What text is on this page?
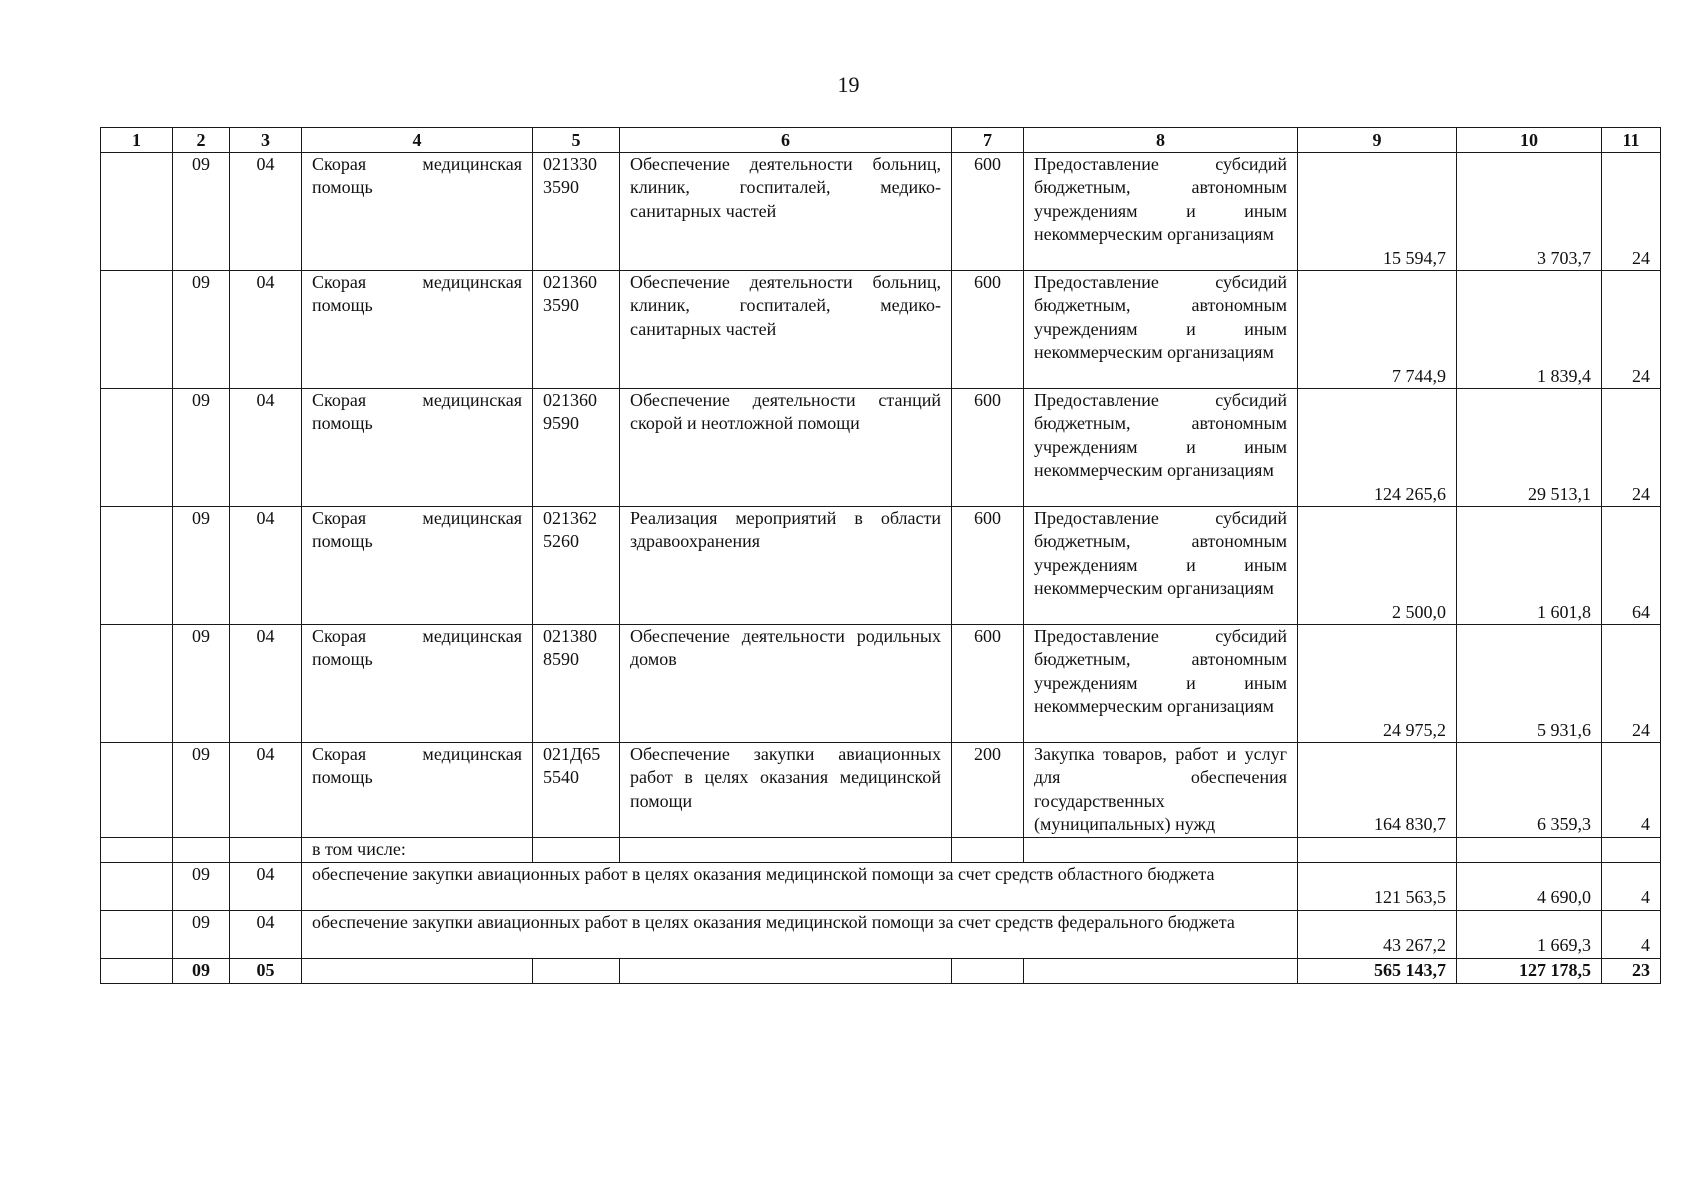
19
1	2	3	4	5	6	7	8	9	10	11
	09	04	Скорая медицинская помощь	021330 3590	Обеспечение деятельности больниц, клиник, госпиталей, медико-санитарных частей	600	Предоставление субсидий бюджетным, автономным учреждениям и иным некоммерческим организациям	15 594,7	3 703,7	24
	09	04	Скорая медицинская помощь	021360 3590	Обеспечение деятельности больниц, клиник, госпиталей, медико-санитарных частей	600	Предоставление субсидий бюджетным, автономным учреждениям и иным некоммерческим организациям	7 744,9	1 839,4	24
	09	04	Скорая медицинская помощь	021360 9590	Обеспечение деятельности станций скорой и неотложной помощи	600	Предоставление субсидий бюджетным, автономным учреждениям и иным некоммерческим организациям	124 265,6	29 513,1	24
	09	04	Скорая медицинская помощь	021362 5260	Реализация мероприятий в области здравоохранения	600	Предоставление субсидий бюджетным, автономным учреждениям и иным некоммерческим организациям	2 500,0	1 601,8	64
	09	04	Скорая медицинская помощь	021380 8590	Обеспечение деятельности родильных домов	600	Предоставление субсидий бюджетным, автономным учреждениям и иным некоммерческим организациям	24 975,2	5 931,6	24
	09	04	Скорая медицинская помощь	021Д65 5540	Обеспечение закупки авиационных работ в целях оказания медицинской помощи	200	Закупка товаров, работ и услуг для обеспечения государственных (муниципальных) нужд	164 830,7	6 359,3	4
			в том числе:							
	09	04	обеспечение закупки авиационных работ в целях оказания медицинской помощи за счет средств областного бюджета					121 563,5	4 690,0	4
	09	04	обеспечение закупки авиационных работ в целях оказания медицинской помощи за счет средств федерального бюджета					43 267,2	1 669,3	4
	09	05						565 143,7	127 178,5	23
